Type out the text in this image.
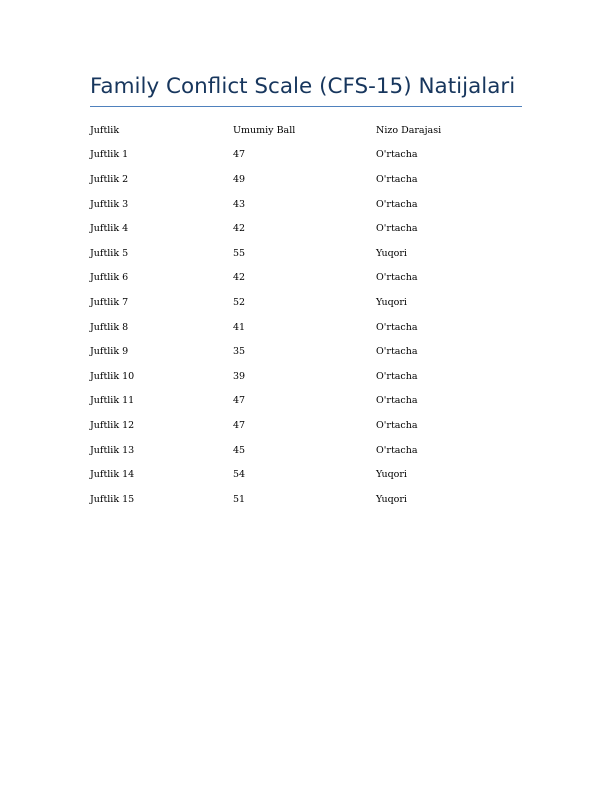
Family Conflict Scale (CFS-15) Natijalari
Juftlik	Umumiy Ball	Nizo Darajasi
Juftlik 1	47	O'rtacha
Juftlik 2	49	O'rtacha
Juftlik 3	43	O'rtacha
Juftlik 4	42	O'rtacha
Juftlik 5	55	Yuqori
Juftlik 6	42	O'rtacha
Juftlik 7	52	Yuqori
Juftlik 8	41	O'rtacha
Juftlik 9	35	O'rtacha
Juftlik 10	39	O'rtacha
Juftlik 11	47	O'rtacha
Juftlik 12	47	O'rtacha
Juftlik 13	45	O'rtacha
Juftlik 14	54	Yuqori
Juftlik 15	51	Yuqori
